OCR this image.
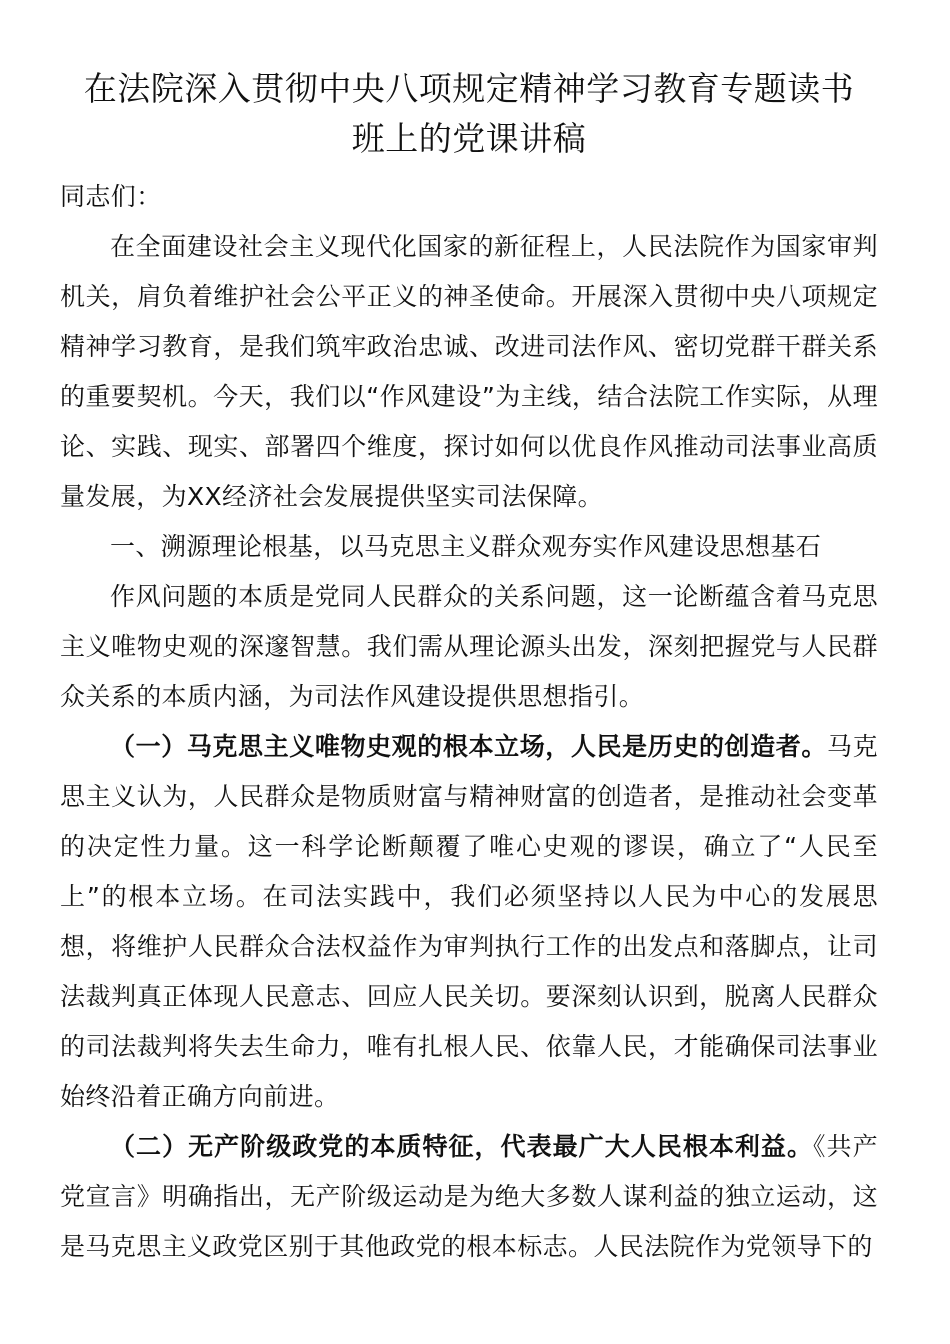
在法院深入贯彻中央八项规定精神学习教育专题读书
班上的党课讲稿

同志们：

在全面建设社会主义现代化国家的新征程上，人民法院作为国家审判机关，肩负着维护社会公平正义的神圣使命。开展深入贯彻中央八项规定精神学习教育，是我们筑牢政治忠诚、改进司法作风、密切党群干群关系的重要契机。今天，我们以“作风建设”为主线，结合法院工作实际，从理论、实践、现实、部署四个维度，探讨如何以优良作风推动司法事业高质量发展，为XX经济社会发展提供坚实司法保障。

一、溯源理论根基，以马克思主义群众观夯实作风建设思想基石

作风问题的本质是党同人民群众的关系问题，这一论断蕴含着马克思主义唯物史观的深邃智慧。我们需从理论源头出发，深刻把握党与人民群众关系的本质内涵，为司法作风建设提供思想指引。

（一）马克思主义唯物史观的根本立场，人民是历史的创造者。马克思主义认为，人民群众是物质财富与精神财富的创造者，是推动社会变革的决定性力量。这一科学论断颠覆了唯心史观的谬误，确立了“人民至上”的根本立场。在司法实践中，我们必须坚持以人民为中心的发展思想，将维护人民群众合法权益作为审判执行工作的出发点和落脚点，让司法裁判真正体现人民意志、回应人民关切。要深刻认识到，脱离人民群众的司法裁判将失去生命力，唯有扎根人民、依靠人民，才能确保司法事业始终沿着正确方向前进。

（二）无产阶级政党的本质特征，代表最广大人民根本利益。《共产党宣言》明确指出，无产阶级运动是为绝大多数人谋利益的独立运动，这是马克思主义政党区别于其他政党的根本标志。人民法院作为党领导下的
